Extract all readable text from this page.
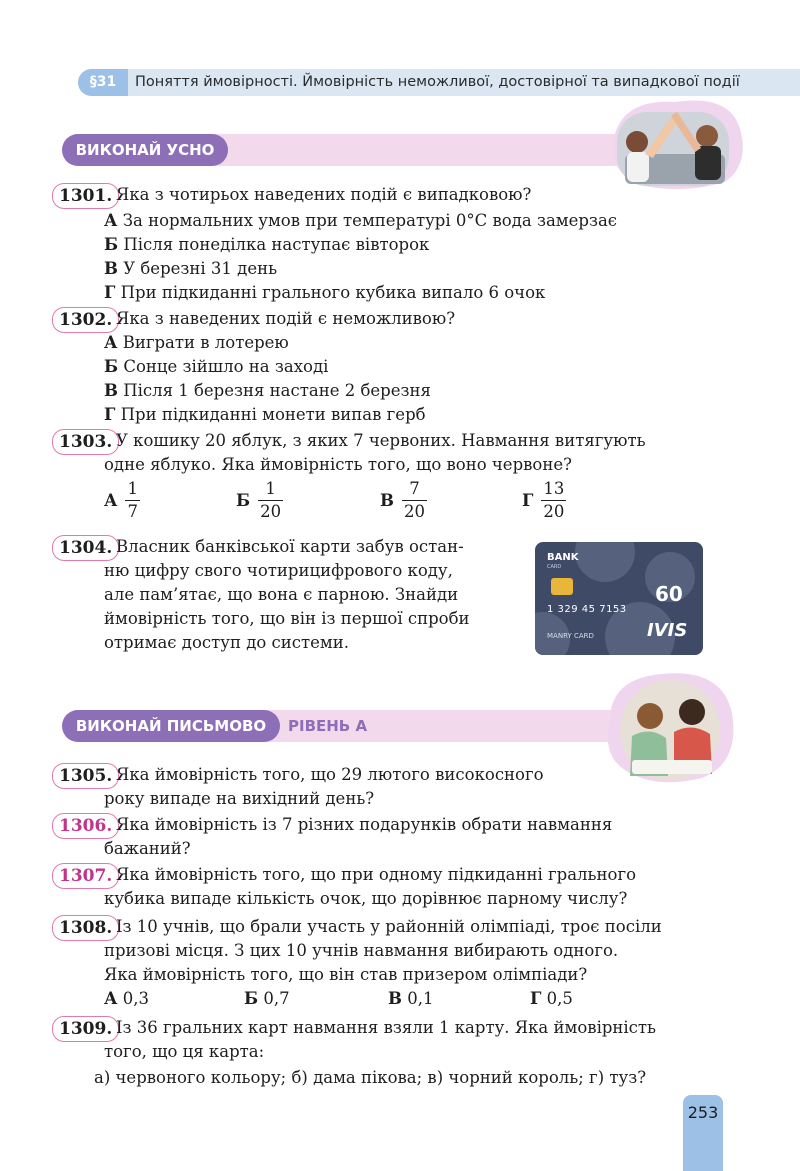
§31	Поняття ймовірності. Ймовірність неможливої, достовірної та випадкової події
ВИКОНАЙ УСНО
1301. Яка з чотирьох наведених подій є випадковою?
А За нормальних умов при температурі 0°С вода замерзає
Б Після понеділка наступає вівторок
В У березні 31 день
Г При підкиданні грального кубика випало 6 очок
1302. Яка з наведених подій є неможливою?
А Виграти в лотерею
Б Сонце зійшло на заході
В Після 1 березня настане 2 березня
Г При підкиданні монети випав герб
1303. У кошику 20 яблук, з яких 7 червоних. Навмання витягують
одне яблуко. Яка ймовірність того, що воно червоне?
А $\frac{1}{7}$	Б $\frac{1}{20}$	В $\frac{7}{20}$	Г $\frac{13}{20}$
1304. Власник банківської карти забув остан-
ню цифру свого чотирицифрового коду,
але пам’ятає, що вона є парною. Знайди
ймовірність того, що він із першої спроби
отримає доступ до системи.
BANK
CARD
60
1 329 45 7153
MANRY CARD	IVIS
ВИКОНАЙ ПИСЬМОВО	РІВЕНЬ А
1305. Яка ймовірність того, що 29 лютого високосного
року випаде на вихідний день?
1306. Яка ймовірність із 7 різних подарунків обрати навмання
бажаний?
1307. Яка ймовірність того, що при одному підкиданні грального
кубика випаде кількість очок, що дорівнює парному числу?
1308. Із 10 учнів, що брали участь у районній олімпіаді, троє посіли
призові місця. З цих 10 учнів навмання вибирають одного.
Яка ймовірність того, що він став призером олімпіади?
А 0,3	Б 0,7	В 0,1	Г 0,5
1309. Із 36 гральних карт навмання взяли 1 карту. Яка ймовірність
того, що ця карта:
а) червоного кольору; б) дама пікова; в) чорний король; г) туз?
253
